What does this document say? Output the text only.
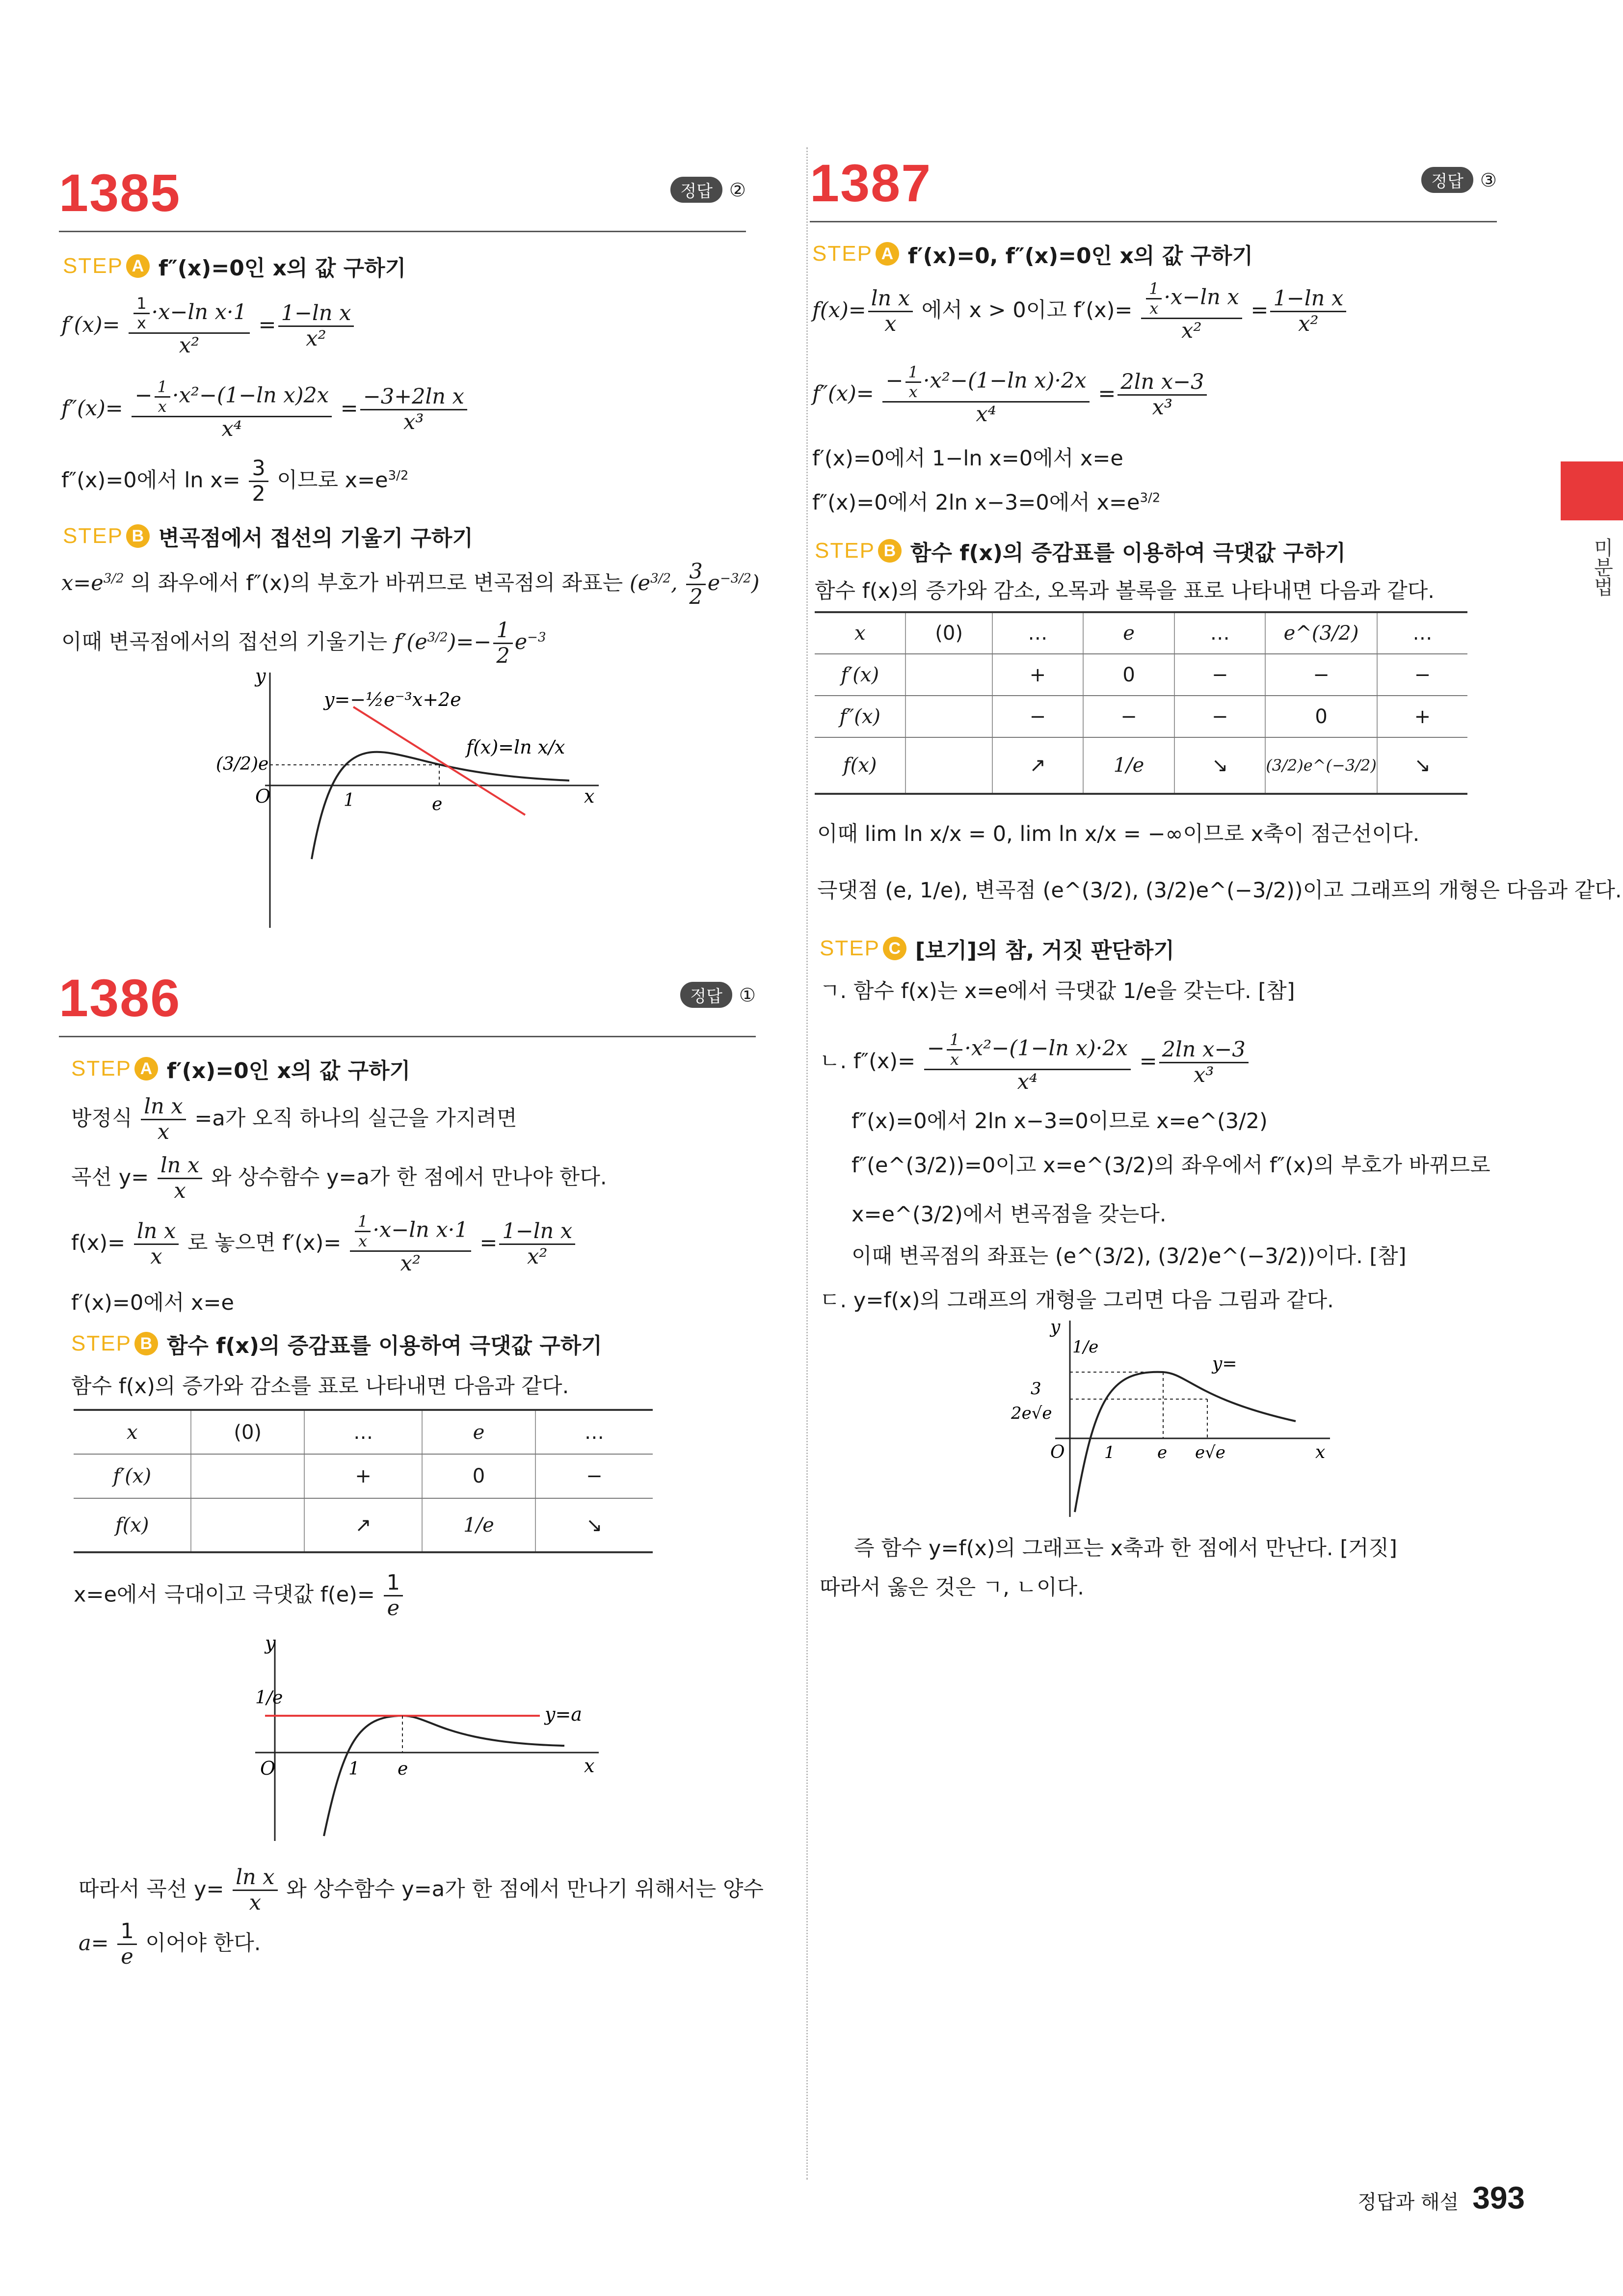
미분법
1385	정답 ②
STEP A f″(x)=0인 x의 값 구하기
$f'(x)= \frac{\frac{1}{x} \cdot x-\ln x\cdot 1}{\text{x²}} = \frac{\text{1−ln x}}{\text{x²}}$
$f''(x)= \frac{- \frac{1}{x} \cdot x^2-(1-\ln x)2x}{\text{x⁴}} = \frac{\text{−3+2ln x}}{\text{x³}}$
f″(x)=0에서 $\ln x= \frac{3}{2}$ 이므로 $x=e^{3/2}$
STEP B 변곡점에서 접선의 기울기 구하기
$x=e^{3/2}$ 의 좌우에서 f″(x)의 부호가 바뀌므로 변곡점의 좌표는 ($e^{3/2}$, $\frac{3}{2} e^{-3/2}$)
이때 변곡점에서의 접선의 기울기는 $f'(e^{3/2})=- \frac{1}{2} e^{-3}$
y
x
O	1	e
y=−½e⁻³x+2e
f(x)=ln x/x
(3/2)e
1386	정답 ①
STEP A f′(x)=0인 x의 값 구하기
방정식 $\frac{\text{ln x}}{x} =a$가 오직 하나의 실근을 가지려면
곡선 $y= \frac{\text{ln x}}{x}$ 와 상수함수 y=a가 한 점에서 만나야 한다.
$f(x)= \frac{\text{ln x}}{x}$ 로 놓으면 $f'(x)= \frac{\frac{1}{x} \cdot x-\ln x\cdot 1}{\text{x²}} = \frac{\text{1−ln x}}{\text{x²}}$
f′(x)=0에서 x=e
STEP B 함수 f(x)의 증감표를 이용하여 극댓값 구하기
함수 f(x)의 증가와 감소를 표로 나타내면 다음과 같다.
x	(0)	…	e	…
f′(x)		+	0	−
f(x)		↗	1/e	↘
x=e에서 극대이고 극댓값 $f(e)= \frac{1}{e}$
y
x
O	1 e
1/e
y=a
따라서 곡선 $y= \frac{\text{ln x}}{x}$ 와 상수함수 y=a가 한 점에서 만나기 위해서는 양수
$a= \frac{1}{e}$ 이어야 한다.
1387	정답 ③
STEP A f′(x)=0, f″(x)=0인 x의 값 구하기
$f(x)= \frac{\text{ln x}}{x}$ 에서 x > 0이고 $f'(x)= \frac{\frac{1}{x} \cdot x-\ln x}{\text{x²}} = \frac{\text{1−ln x}}{\text{x²}}$
$f''(x)= \frac{- \frac{1}{x} \cdot x^2-(1-\ln x)\cdot 2x}{\text{x⁴}} = \frac{\text{2ln x−3}}{\text{x³}}$
f′(x)=0에서 1−ln x=0에서 x=e
f″(x)=0에서 2ln x−3=0에서 $x=e^{3/2}$
STEP B 함수 f(x)의 증감표를 이용하여 극댓값 구하기
함수 f(x)의 증가와 감소, 오목과 볼록을 표로 나타내면 다음과 같다.
x	(0)	…	e	…	e^(3/2)	…
f′(x)		+	0	−	−	−
f″(x)		−	−	−	0	+
f(x)		↗	1/e	↘	(3/2)e^(−3/2)	↘
이때 lim ln x/x = 0, lim ln x/x = −∞이므로 x축이 점근선이다.
극댓점 (e, 1/e), 변곡점 (e^(3/2), (3/2)e^(−3/2))이고 그래프의 개형은 다음과 같다.
STEP C [보기]의 참, 거짓 판단하기
ㄱ. 함수 f(x)는 x=e에서 극댓값 1/e을 갖는다. [참]
ㄴ. $f''(x)= \frac{- \frac{1}{x} \cdot x^2-(1-\ln x)\cdot 2x}{\text{x⁴}} = \frac{\text{2ln x−3}}{\text{x³}}$
f″(x)=0에서 2ln x−3=0이므로 x=e^(3/2)
f″(e^(3/2))=0이고 x=e^(3/2)의 좌우에서 f″(x)의 부호가 바뀌므로
x=e^(3/2)에서 변곡점을 갖는다.
이때 변곡점의 좌표는 (e^(3/2), (3/2)e^(−3/2))이다. [참]
ㄷ. y=f(x)의 그래프의 개형을 그리면 다음 그림과 같다.
y
x
O 1	e e√e
1/e
3
2e√e
y=
즉 함수 y=f(x)의 그래프는 x축과 한 점에서 만난다. [거짓]
따라서 옳은 것은 ㄱ, ㄴ이다.
정답과 해설 393
